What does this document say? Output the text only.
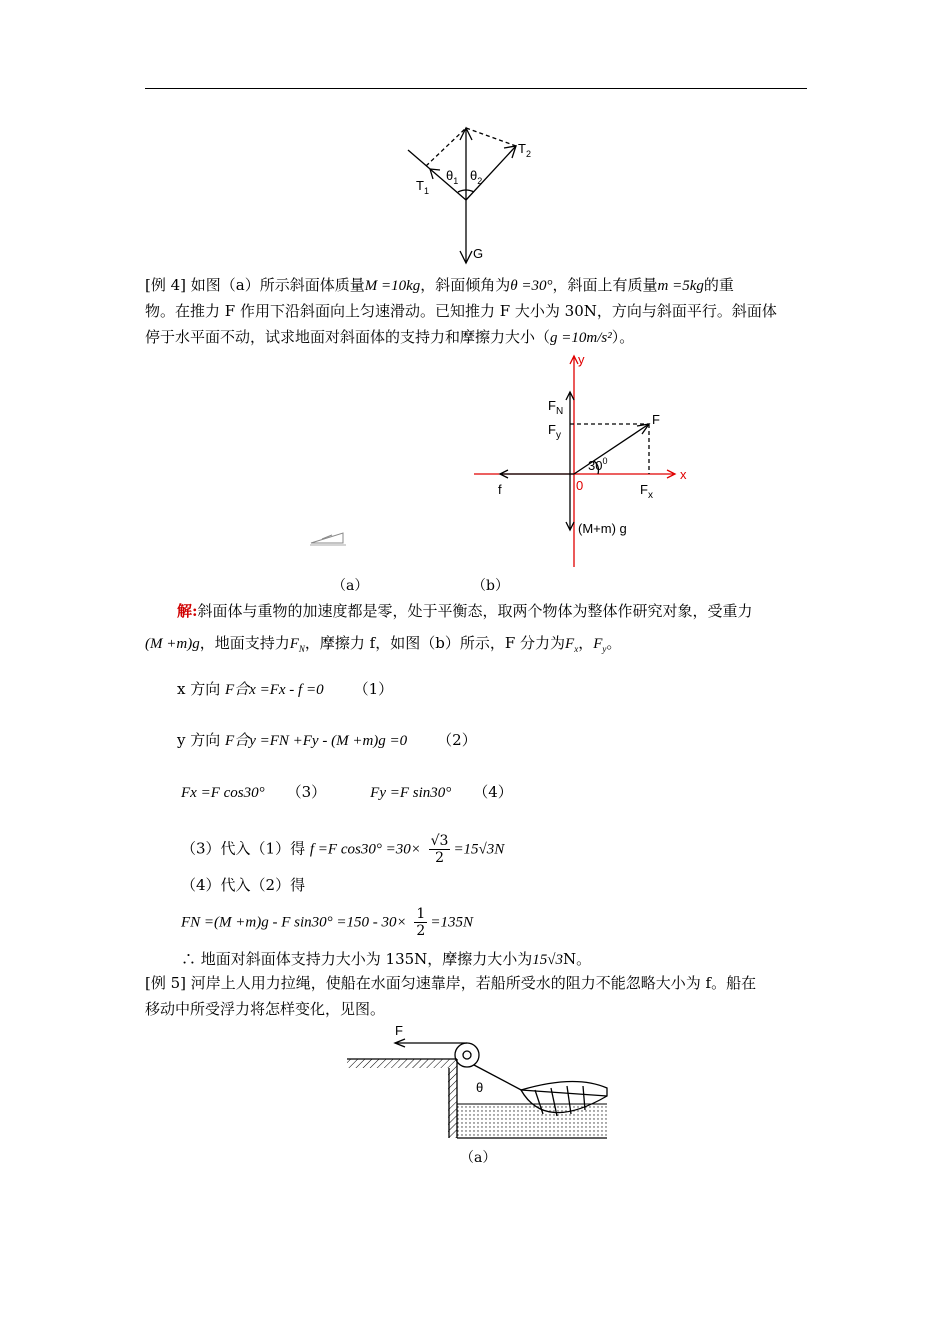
$T_2$
$T_1$
$\theta_1$ $\theta_2$
G
[例 4] 如图（a）所示斜面体质量M =10kg，斜面倾角为θ =30°，斜面上有质量m =5kg的重
物。在推力 F 作用下沿斜面向上匀速滑动。已知推力 F 大小为 30N，方向与斜面平行。斜面体
停于水平面不动，试求地面对斜面体的支持力和摩擦力大小（g =10m/s²）。
y
x
$F_N$
$F_y$
F
$30^0$
f	0	$F_x$
(M+m) g
（a）	（b）
解:斜面体与重物的加速度都是零，处于平衡态，取两个物体为整体作研究对象，受重力
(M +m)g，地面支持力$F_N$，摩擦力 f，如图（b）所示，F 分力为$F_x$，$F_y$。
x 方向 F合x =Fx - f =0 （1）
y 方向 F合y =FN +Fy - (M +m)g =0 （2）
Fx =F cos30° （3）	Fy =F sin30° （4）
（3）代入（1）得 f =F $\cos 30^\circ =30\times \frac{√3}{2} =15√3N$
（4）代入（2）得
FN =(M +m)g - F $\sin 30^\circ =150 - 30\times \frac{1}{2} =135N$
∴ 地面对斜面体支持力大小为 135N，摩擦力大小为15√3N。
[例 5] 河岸上人用力拉绳，使船在水面匀速靠岸，若船所受水的阻力不能忽略大小为 f。船在
移动中所受浮力将怎样变化，见图。
F
θ
（a）
